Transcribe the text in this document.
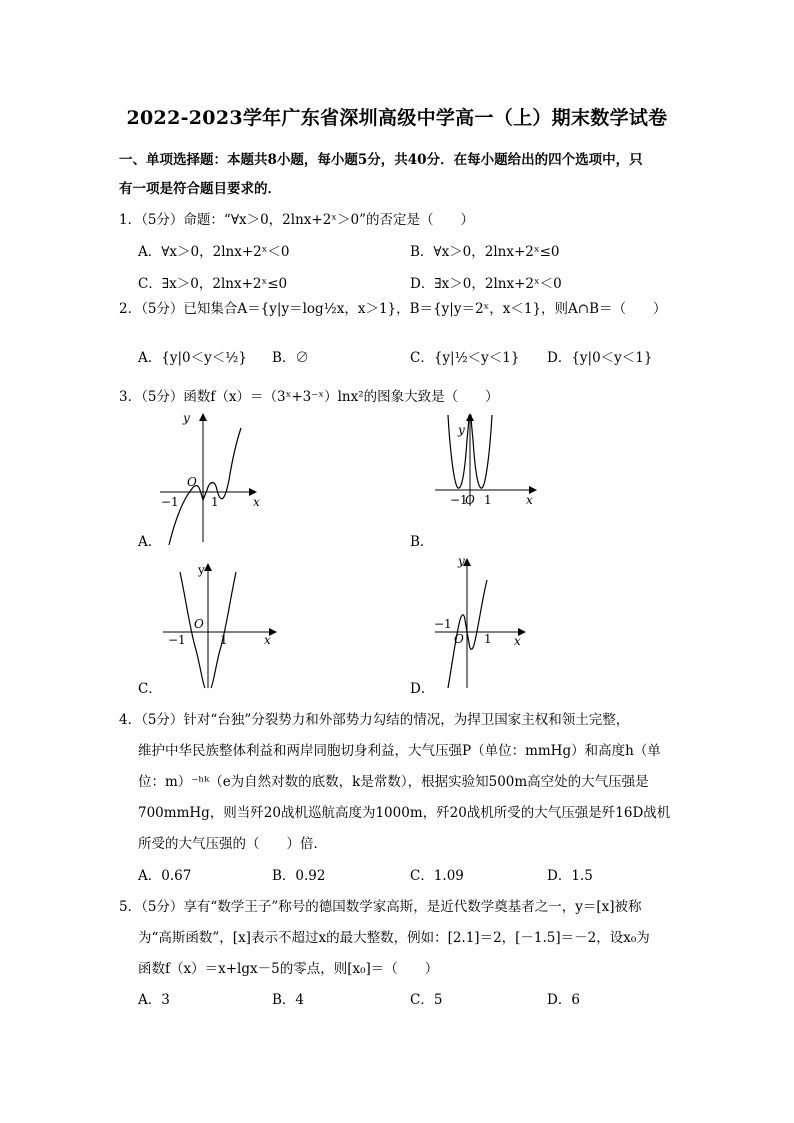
2022-2023学年广东省深圳高级中学高一（上）期末数学试卷
一、单项选择题：本题共8小题，每小题5分，共40分．在每小题给出的四个选项中，只
有一项是符合题目要求的．
1．（5分）命题：“∀x＞0，2lnx+2ˣ＞0”的否定是（　　）
A．∀x＞0，2lnx+2ˣ＜0	B．∀x＞0，2lnx+2ˣ≤0
C．∃x＞0，2lnx+2ˣ≤0	D．∃x＞0，2lnx+2ˣ＜0
2．（5分）已知集合A＝{y|y＝log½x，x＞1}，B＝{y|y＝2ˣ，x＜1}，则A∩B＝（　　）
A．{y|0＜y＜½} B．∅	C．{y|½＜y＜1} D．{y|0＜y＜1}
3．（5分）函数f（x）＝（3ˣ+3⁻ˣ）lnx²的图象大致是（　　）
y
O
−1	1	x
A．
y
−1
O 1	x
B．
y
O
−1	1	x
C．
y
−1
O 1 x
D．
4．（5分）针对“台独”分裂势力和外部势力勾结的情况，为捍卫国家主权和领土完整，
维护中华民族整体利益和两岸同胞切身利益，大气压强P（单位：mmHg）和高度h（单
位：m）⁻ʰᵏ（e为自然对数的底数，k是常数），根据实验知500m高空处的大气压强是
700mmHg，则当歼20战机巡航高度为1000m，歼20战机所受的大气压强是歼16D战机
所受的大气压强的（　　）倍．
A．0.67	B．0.92	C．1.09	D．1.5
5．（5分）享有“数学王子”称号的德国数学家高斯，是近代数学奠基者之一，y＝[x]被称
为“高斯函数”，[x]表示不超过x的最大整数，例如：[2.1]＝2，[－1.5]＝－2，设x₀为
函数f（x）＝x+lgx－5的零点，则[x₀]＝（　　）
A．3	B．4	C．5	D．6
